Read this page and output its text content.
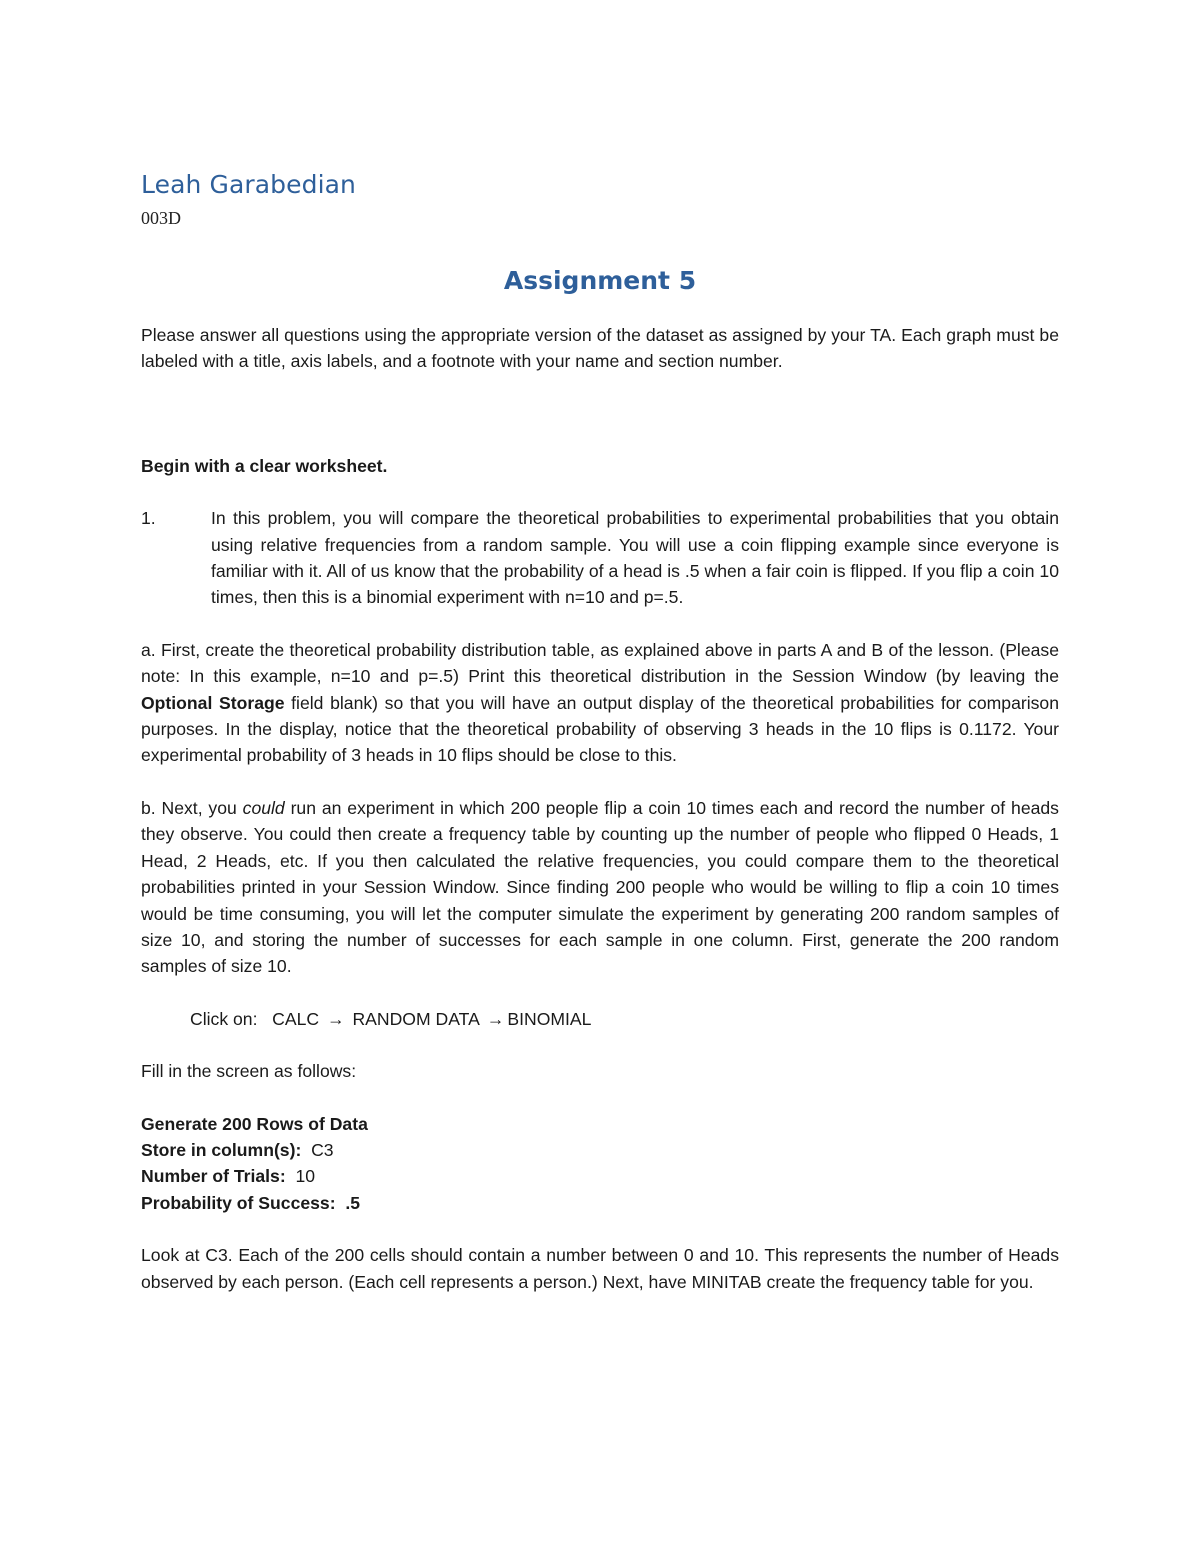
Leah Garabedian
003D
Assignment 5

Please answer all questions using the appropriate version of the dataset as assigned by your TA. Each graph must be labeled with a title, axis labels, and a footnote with your name and section number.

Begin with a clear worksheet.

1.	In this problem, you will compare the theoretical probabilities to experimental probabilities that you obtain using relative frequencies from a random sample. You will use a coin flipping example since everyone is familiar with it. All of us know that the probability of a head is .5 when a fair coin is flipped. If you flip a coin 10 times, then this is a binomial experiment with n=10 and p=.5.

a. First, create the theoretical probability distribution table, as explained above in parts A and B of the lesson. (Please note: In this example, n=10 and p=.5) Print this theoretical distribution in the Session Window (by leaving the Optional Storage field blank) so that you will have an output display of the theoretical probabilities for comparison purposes. In the display, notice that the theoretical probability of observing 3 heads in the 10 flips is 0.1172. Your experimental probability of 3 heads in 10 flips should be close to this.

b. Next, you could run an experiment in which 200 people flip a coin 10 times each and record the number of heads they observe. You could then create a frequency table by counting up the number of people who flipped 0 Heads, 1 Head, 2 Heads, etc. If you then calculated the relative frequencies, you could compare them to the theoretical probabilities printed in your Session Window. Since finding 200 people who would be willing to flip a coin 10 times would be time consuming, you will let the computer simulate the experiment by generating 200 random samples of size 10, and storing the number of successes for each sample in one column. First, generate the 200 random samples of size 10.

Click on: CALC → RANDOM DATA → BINOMIAL

Fill in the screen as follows:

Generate 200 Rows of Data

Store in column(s): C3

Number of Trials: 10

Probability of Success: .5

Look at C3. Each of the 200 cells should contain a number between 0 and 10. This represents the number of Heads observed by each person. (Each cell represents a person.) Next, have MINITAB create the frequency table for you.
